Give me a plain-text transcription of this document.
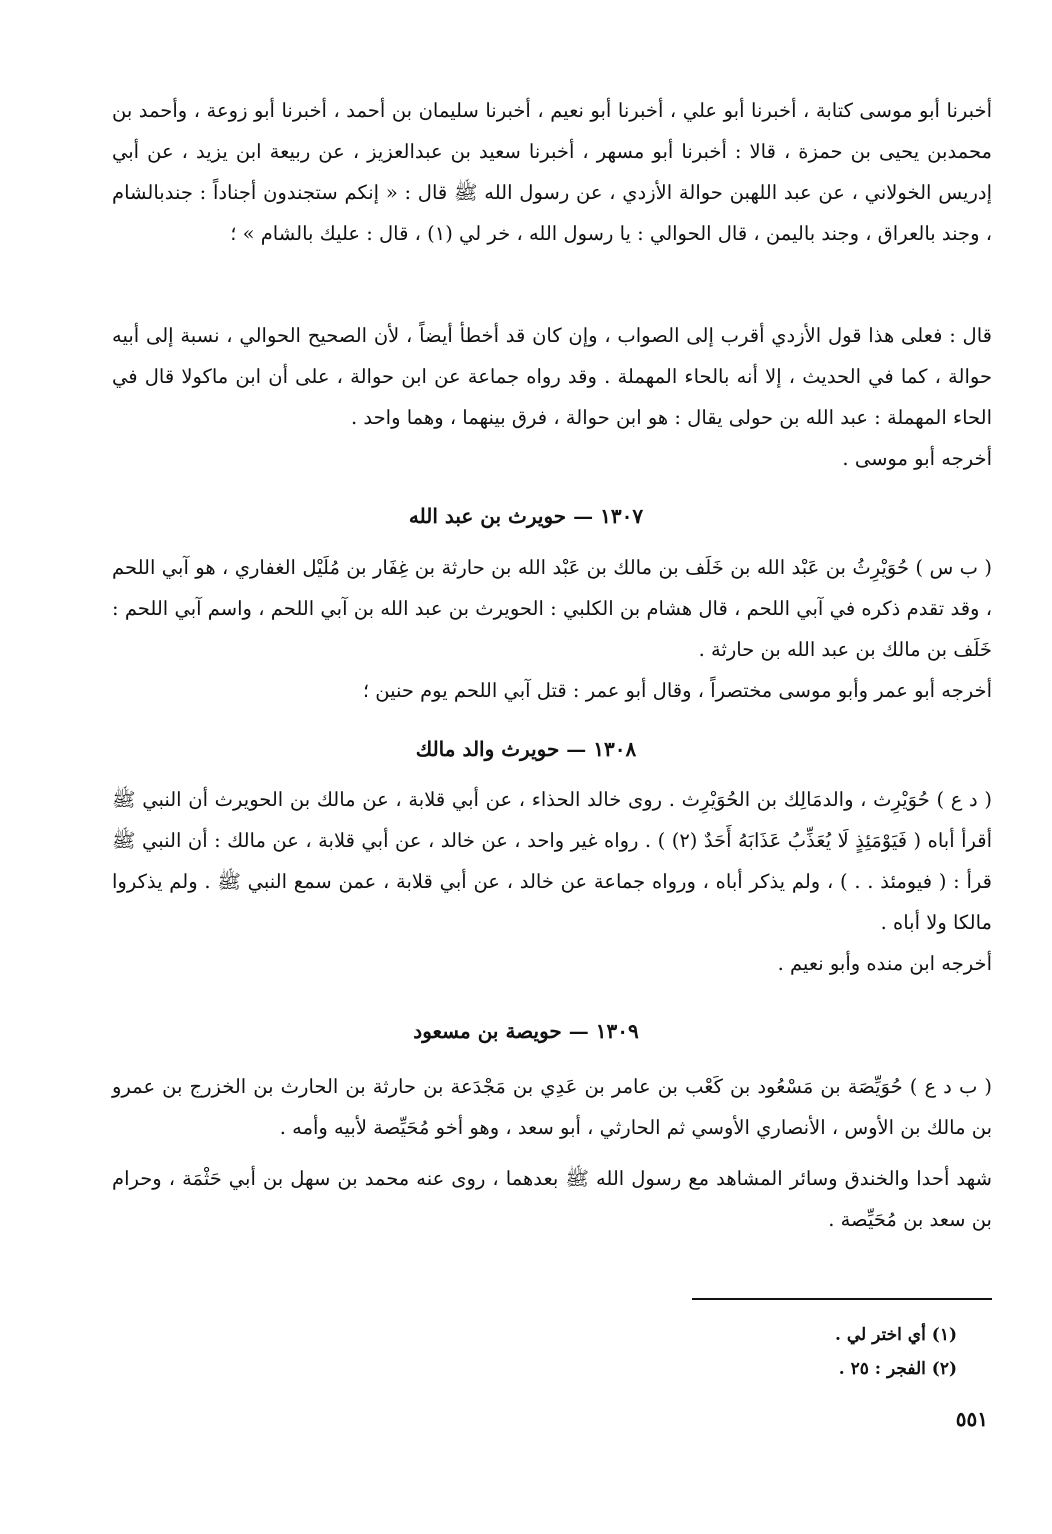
أخبرنا أبو موسى كتابة ، أخبرنا أبو علي ، أخبرنا أبو نعيم ، أخبرنا سليمان بن أحمد ، أخبرنا أبو زوعة ، وأحمد بن محمدبن يحيى بن حمزة ، قالا : أخبرنا أبو مسهر ، أخبرنا سعيد بن عبدالعزيز ، عن ربيعة ابن يزيد ، عن أبي إدريس الخولاني ، عن عبد اللهبن حوالة الأزدي ، عن رسول الله ﷺ قال : « إنكم ستجندون أجناداً : جندبالشام ، وجند بالعراق ، وجند باليمن ، قال الحوالي : يا رسول الله ، خر لي (١) ، قال : عليك بالشام » ؛

قال : فعلى هذا قول الأزدي أقرب إلى الصواب ، وإن كان قد أخطأ أيضاً ، لأن الصحيح الحوالي ، نسبة إلى أبيه حوالة ، كما في الحديث ، إلا أنه بالحاء المهملة . وقد رواه جماعة عن ابن حوالة ، على أن ابن ماكولا قال في الحاء المهملة : عبد الله بن حولى يقال : هو ابن حوالة ، فرق بينهما ، وهما واحد .

أخرجه أبو موسى .

١٣٠٧ — حويرث بن عبد الله

( ب س ) حُوَيْرِثُ بن عَبْد الله بن خَلَف بن مالك بن عَبْد الله بن حارثة بن غِفَار بن مُلَيْل الغفاري ، هو آبي اللحم ، وقد تقدم ذكره في آبي اللحم ، قال هشام بن الكلبي : الحويرث بن عبد الله بن آبي اللحم ، واسم آبي اللحم : خَلَف بن مالك بن عبد الله بن حارثة .

أخرجه أبو عمر وأبو موسى مختصراً ، وقال أبو عمر : قتل آبي اللحم يوم حنين ؛

١٣٠٨ — حويرث والد مالك

( د ع ) حُوَيْرِث ، والدمَالِك بن الحُوَيْرِث . روى خالد الحذاء ، عن أبي قلابة ، عن مالك بن الحويرث أن النبي ﷺ أقرأ أباه ( فَيَوْمَئِذٍ لَا يُعَذِّبُ عَذَابَهُ أَحَدٌ (٢) ) . رواه غير واحد ، عن خالد ، عن أبي قلابة ، عن مالك : أن النبي ﷺ قرأ : ( فيومئذ . . ) ، ولم يذكر أباه ، ورواه جماعة عن خالد ، عن أبي قلابة ، عمن سمع النبي ﷺ . ولم يذكروا مالكا ولا أباه .

أخرجه ابن منده وأبو نعيم .

١٣٠٩ — حويصة بن مسعود

( ب د ع ) حُوَيِّصَة بن مَسْعُود بن كَعْب بن عامر بن عَدِي بن مَجْدَعة بن حارثة بن الحارث بن الخزرج بن عمرو بن مالك بن الأوس ، الأنصاري الأوسي ثم الحارثي ، أبو سعد ، وهو أخو مُحَيِّصة لأبيه وأمه .

شهد أحدا والخندق وسائر المشاهد مع رسول الله ﷺ بعدهما ، روى عنه محمد بن سهل بن أبي حَثْمَة ، وحرام بن سعد بن مُحَيِّصة .

(١) أي اختر لي .
(٢) الفجر : ٢٥ .
٥٥١
